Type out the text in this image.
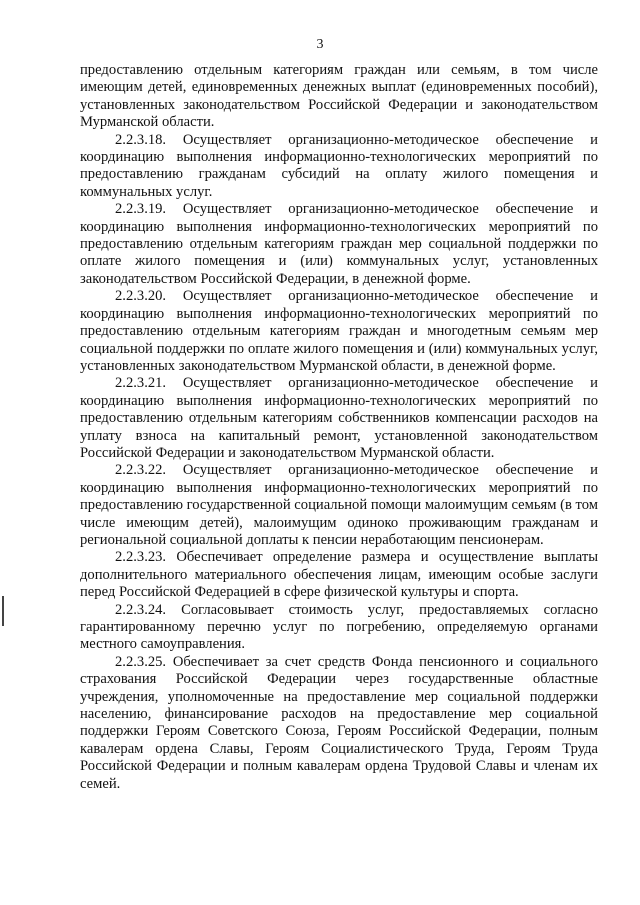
3

предоставлению отдельным категориям граждан или семьям, в том числе имеющим детей, единовременных денежных выплат (единовременных пособий), установленных законодательством Российской Федерации и законодательством Мурманской области.

2.2.3.18. Осуществляет организационно-методическое обеспечение и координацию выполнения информационно-технологических мероприятий по предоставлению гражданам субсидий на оплату жилого помещения и коммунальных услуг.

2.2.3.19. Осуществляет организационно-методическое обеспечение и координацию выполнения информационно-технологических мероприятий по предоставлению отдельным категориям граждан мер социальной поддержки по оплате жилого помещения и (или) коммунальных услуг, установленных законодательством Российской Федерации, в денежной форме.

2.2.3.20. Осуществляет организационно-методическое обеспечение и координацию выполнения информационно-технологических мероприятий по предоставлению отдельным категориям граждан и многодетным семьям мер социальной поддержки по оплате жилого помещения и (или) коммунальных услуг, установленных законодательством Мурманской области, в денежной форме.

2.2.3.21. Осуществляет организационно-методическое обеспечение и координацию выполнения информационно-технологических мероприятий по предоставлению отдельным категориям собственников компенсации расходов на уплату взноса на капитальный ремонт, установленной законодательством Российской Федерации и законодательством Мурманской области.

2.2.3.22. Осуществляет организационно-методическое обеспечение и координацию выполнения информационно-технологических мероприятий по предоставлению государственной социальной помощи малоимущим семьям (в том числе имеющим детей), малоимущим одиноко проживающим гражданам и региональной социальной доплаты к пенсии неработающим пенсионерам.

2.2.3.23. Обеспечивает определение размера и осуществление выплаты дополнительного материального обеспечения лицам, имеющим особые заслуги перед Российской Федерацией в сфере физической культуры и спорта.

2.2.3.24. Согласовывает стоимость услуг, предоставляемых согласно гарантированному перечню услуг по погребению, определяемую органами местного самоуправления.

2.2.3.25. Обеспечивает за счет средств Фонда пенсионного и социального страхования Российской Федерации через государственные областные учреждения, уполномоченные на предоставление мер социальной поддержки населению, финансирование расходов на предоставление мер социальной поддержки Героям Советского Союза, Героям Российской Федерации, полным кавалерам ордена Славы, Героям Социалистического Труда, Героям Труда Российской Федерации и полным кавалерам ордена Трудовой Славы и членам их семей.
